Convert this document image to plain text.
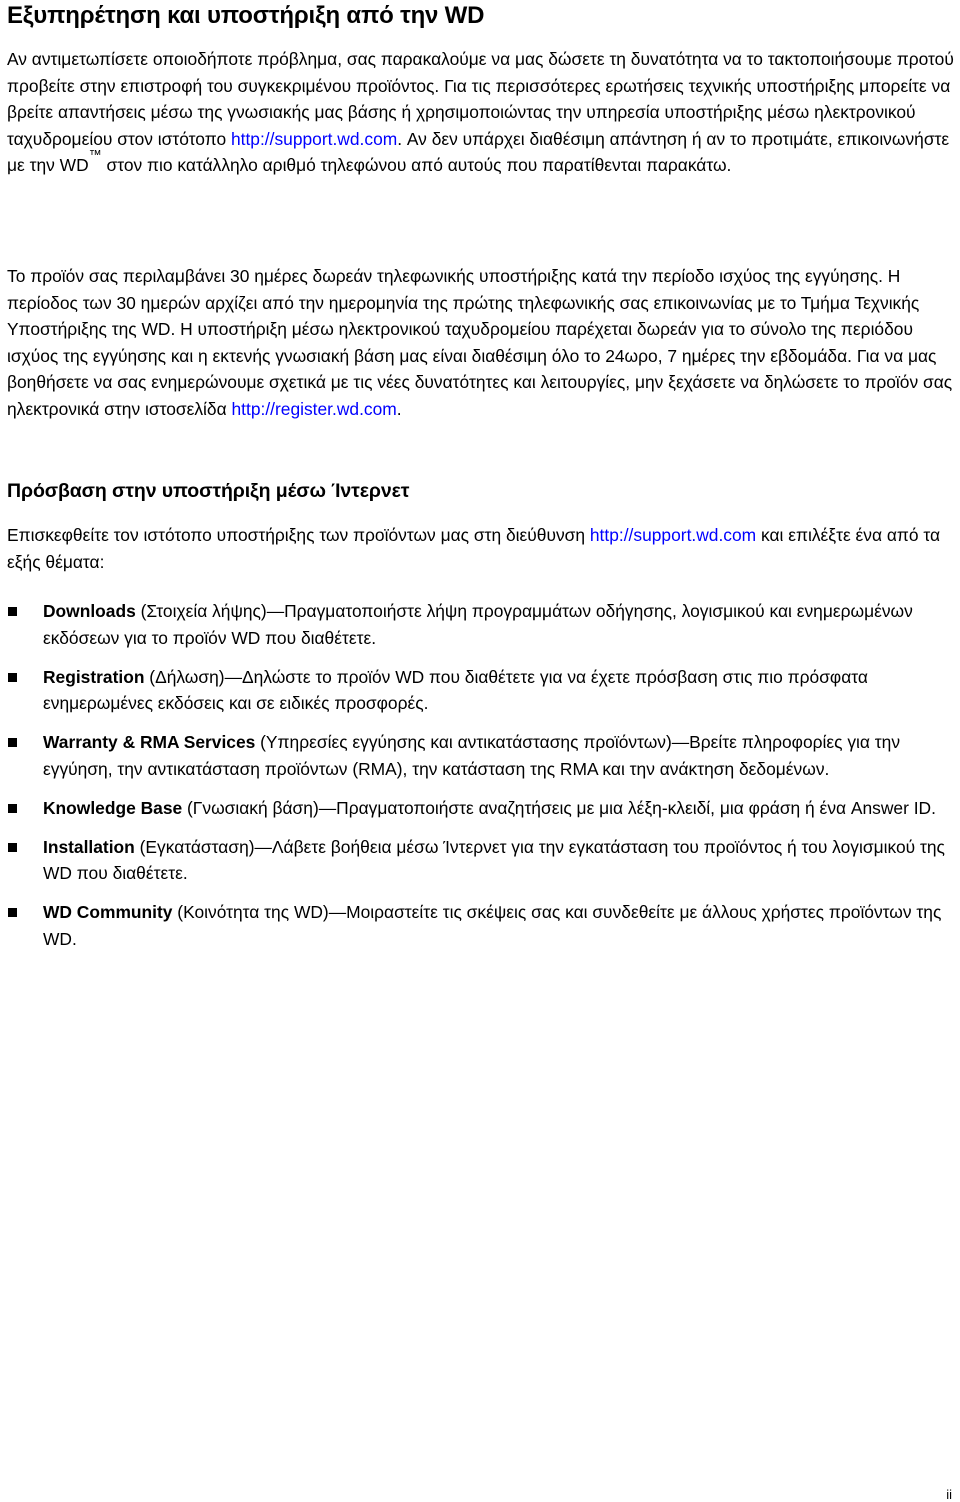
Εξυπηρέτηση και υποστήριξη από την WD

Αν αντιμετωπίσετε οποιοδήποτε πρόβλημα, σας παρακαλούμε να μας δώσετε τη δυνατότητα να το τακτοποιήσουμε προτού προβείτε στην επιστροφή του συγκεκριμένου προϊόντος. Για τις περισσότερες ερωτήσεις τεχνικής υποστήριξης μπορείτε να βρείτε απαντήσεις μέσω της γνωσιακής μας βάσης ή χρησιμοποιώντας την υπηρεσία υποστήριξης μέσω ηλεκτρονικού ταχυδρομείου στον ιστότοπο http://support.wd.com. Αν δεν υπάρχει διαθέσιμη απάντηση ή αν το προτιμάτε, επικοινωνήστε με την WD™ στον πιο κατάλληλο αριθμό τηλεφώνου από αυτούς που παρατίθενται παρακάτω.

Το προϊόν σας περιλαμβάνει 30 ημέρες δωρεάν τηλεφωνικής υποστήριξης κατά την περίοδο ισχύος της εγγύησης. Η περίοδος των 30 ημερών αρχίζει από την ημερομηνία της πρώτης τηλεφωνικής σας επικοινωνίας με το Τμήμα Τεχνικής Υποστήριξης της WD. Η υποστήριξη μέσω ηλεκτρονικού ταχυδρομείου παρέχεται δωρεάν για το σύνολο της περιόδου ισχύος της εγγύησης και η εκτενής γνωσιακή βάση μας είναι διαθέσιμη όλο το 24ωρο, 7 ημέρες την εβδομάδα. Για να μας βοηθήσετε να σας ενημερώνουμε σχετικά με τις νέες δυνατότητες και λειτουργίες, μην ξεχάσετε να δηλώσετε το προϊόν σας ηλεκτρονικά στην ιστοσελίδα http://register.wd.com.

Πρόσβαση στην υποστήριξη μέσω Ίντερνετ

Επισκεφθείτε τον ιστότοπο υποστήριξης των προϊόντων μας στη διεύθυνση http://support.wd.com και επιλέξτε ένα από τα εξής θέματα:

Downloads (Στοιχεία λήψης)—Πραγματοποιήστε λήψη προγραμμάτων οδήγησης, λογισμικού και ενημερωμένων εκδόσεων για το προϊόν WD που διαθέτετε.
Registration (Δήλωση)—Δηλώστε το προϊόν WD που διαθέτετε για να έχετε πρόσβαση στις πιο πρόσφατα ενημερωμένες εκδόσεις και σε ειδικές προσφορές.
Warranty & RMA Services (Υπηρεσίες εγγύησης και αντικατάστασης προϊόντων)—Βρείτε πληροφορίες για την εγγύηση, την αντικατάσταση προϊόντων (RMA), την κατάσταση της RMA και την ανάκτηση δεδομένων.
Knowledge Base (Γνωσιακή βάση)—Πραγματοποιήστε αναζητήσεις με μια λέξη-κλειδί, μια φράση ή ένα Answer ID.
Installation (Εγκατάσταση)—Λάβετε βοήθεια μέσω Ίντερνετ για την εγκατάσταση του προϊόντος ή του λογισμικού της WD που διαθέτετε.
WD Community (Κοινότητα της WD)—Μοιραστείτε τις σκέψεις σας και συνδεθείτε με άλλους χρήστες προϊόντων της WD.
ii
